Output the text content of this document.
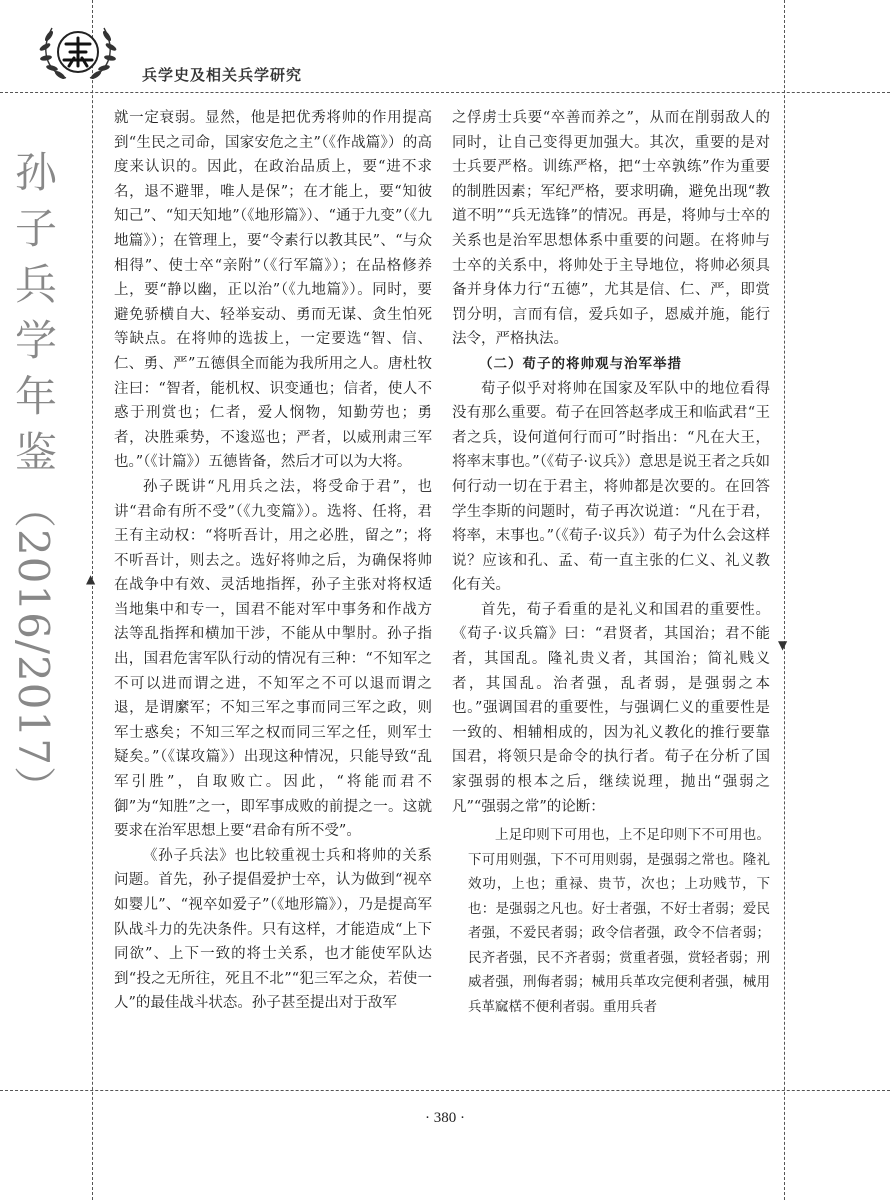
兵学史及相关兵学研究
孙子兵学年鉴（2016/2017）	▲
▼

就一定衰弱。显然，他是把优秀将帅的作用提高到“生民之司命，国家安危之主”（《作战篇》）的高度来认识的。因此，在政治品质上，要“进不求名，退不避罪，唯人是保”；在才能上，要“知彼知己”、“知天知地”（《地形篇》）、“通于九变”（《九地篇》）；在管理上，要“令素行以教其民”、“与众相得”、使士卒“亲附”（《行军篇》）；在品格修养上，要“静以幽，正以治”（《九地篇》）。同时，要避免骄横自大、轻举妄动、勇而无谋、贪生怕死等缺点。在将帅的选拔上，一定要选“智、信、仁、勇、严”五德俱全而能为我所用之人。唐杜牧注曰：“智者，能机权、识变通也；信者，使人不惑于刑赏也；仁者，爱人悯物，知勤劳也；勇者，决胜乘势，不逡巡也；严者，以威刑肃三军也。”（《计篇》）五德皆备，然后才可以为大将。

孙子既讲“凡用兵之法，将受命于君”，也讲“君命有所不受”（《九变篇》）。选将、任将，君王有主动权：“将听吾计，用之必胜，留之”；将不听吾计，则去之。选好将帅之后，为确保将帅在战争中有效、灵活地指挥，孙子主张对将权适当地集中和专一，国君不能对军中事务和作战方法等乱指挥和横加干涉，不能从中掣肘。孙子指出，国君危害军队行动的情况有三种：“不知军之不可以进而谓之进，不知军之不可以退而谓之退，是谓縻军；不知三军之事而同三军之政，则军士惑矣；不知三军之权而同三军之任，则军士疑矣。”（《谋攻篇》）出现这种情况，只能导致“乱军引胜”，自取败亡。因此，“将能而君不御”为“知胜”之一，即军事成败的前提之一。这就要求在治军思想上要“君命有所不受”。

《孙子兵法》也比较重视士兵和将帅的关系问题。首先，孙子提倡爱护士卒，认为做到“视卒如婴儿”、“视卒如爱子”（《地形篇》），乃是提高军队战斗力的先决条件。只有这样，才能造成“上下同欲”、上下一致的将士关系，也才能使军队达到“投之无所往，死且不北”“犯三军之众，若使一人”的最佳战斗状态。孙子甚至提出对于敌军

之俘虏士兵要“卒善而养之”，从而在削弱敌人的同时，让自己变得更加强大。其次，重要的是对士兵要严格。训练严格，把“士卒孰练”作为重要的制胜因素；军纪严格，要求明确，避免出现“教道不明”“兵无选锋”的情况。再是，将帅与士卒的关系也是治军思想体系中重要的问题。在将帅与士卒的关系中，将帅处于主导地位，将帅必须具备并身体力行“五德”，尤其是信、仁、严，即赏罚分明，言而有信，爱兵如子，恩威并施，能行法令，严格执法。

（二）荀子的将帅观与治军举措

荀子似乎对将帅在国家及军队中的地位看得没有那么重要。荀子在回答赵孝成王和临武君“王者之兵，设何道何行而可”时指出：“凡在大王，将率末事也。”（《荀子·议兵》）意思是说王者之兵如何行动一切在于君主，将帅都是次要的。在回答学生李斯的问题时，荀子再次说道：“凡在于君，将率，末事也。”（《荀子·议兵》）荀子为什么会这样说？应该和孔、孟、荀一直主张的仁义、礼义教化有关。

首先，荀子看重的是礼义和国君的重要性。《荀子·议兵篇》曰：“君贤者，其国治；君不能者，其国乱。隆礼贵义者，其国治；简礼贱义者，其国乱。治者强，乱者弱，是强弱之本也。”强调国君的重要性，与强调仁义的重要性是一致的、相辅相成的，因为礼义教化的推行要靠国君，将领只是命令的执行者。荀子在分析了国家强弱的根本之后，继续说理，抛出“强弱之凡”“强弱之常”的论断：

上足印则下可用也，上不足印则下不可用也。下可用则强，下不可用则弱，是强弱之常也。隆礼效功，上也；重禄、贵节，次也；上功贱节，下也：是强弱之凡也。好士者强，不好士者弱；爱民者强，不爱民者弱；政令信者强，政令不信者弱；民齐者强，民不齐者弱；赏重者强，赏轻者弱；刑威者强，刑侮者弱；械用兵革攻完便利者强，械用兵革窳楛不便利者弱。重用兵者

· 380 ·
